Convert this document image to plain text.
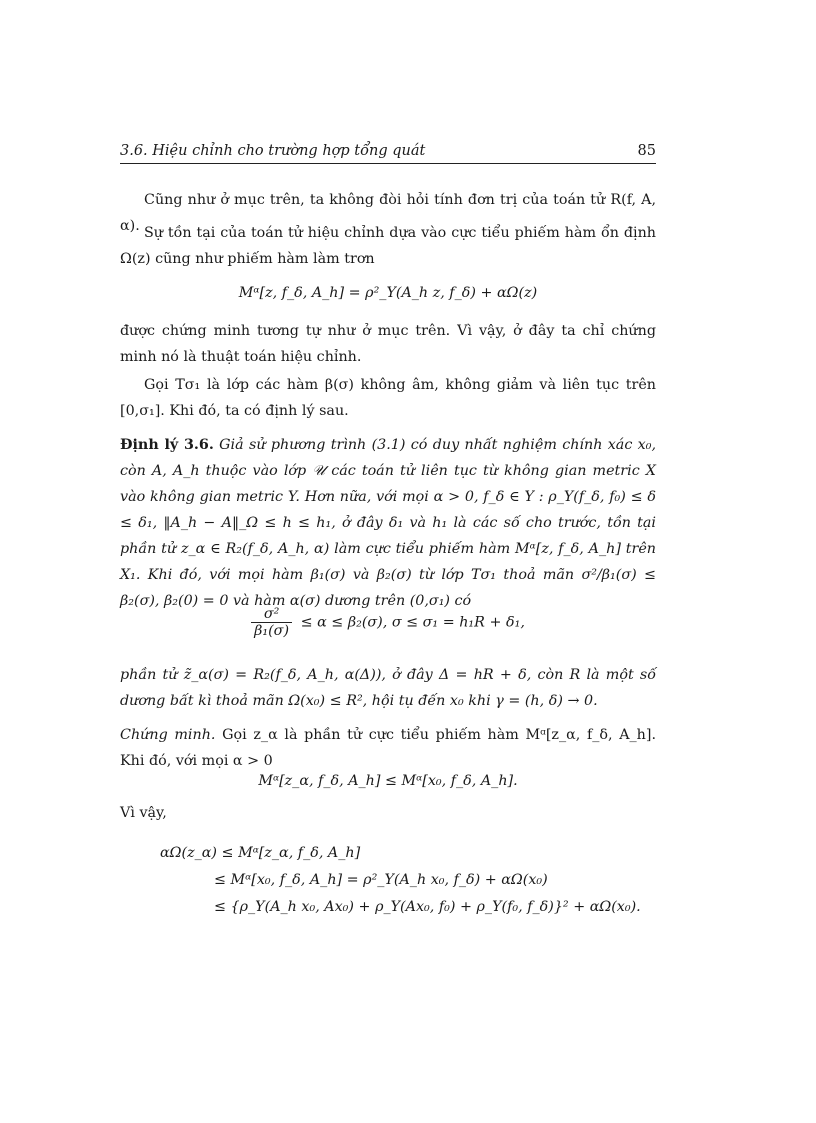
3.6. Hiệu chỉnh cho trường hợp tổng quát	85
Cũng như ở mục trên, ta không đòi hỏi tính đơn trị của toán tử R(f, A, α). Sự tồn tại của toán tử hiệu chỉnh dựa vào cực tiểu phiếm hàm ổn định Ω(z) cũng như phiếm hàm làm trơn
Mᵅ[z, f_δ, A_h] = ρ²_Y(A_h z, f_δ) + αΩ(z)
được chứng minh tương tự như ở mục trên. Vì vậy, ở đây ta chỉ chứng minh nó là thuật toán hiệu chỉnh.
Gọi Tσ₁ là lớp các hàm β(σ) không âm, không giảm và liên tục trên [0,σ₁]. Khi đó, ta có định lý sau.
Định lý 3.6. Giả sử phương trình (3.1) có duy nhất nghiệm chính xác x₀, còn A, A_h thuộc vào lớp 𝒰 các toán tử liên tục từ không gian metric X vào không gian metric Y. Hơn nữa, với mọi α > 0, f_δ ∈ Y : ρ_Y(f_δ, f₀) ≤ δ ≤ δ₁, ‖A_h − A‖_Ω ≤ h ≤ h₁, ở đây δ₁ và h₁ là các số cho trước, tồn tại phần tử z_α ∈ R₂(f_δ, A_h, α) làm cực tiểu phiếm hàm Mᵅ[z, f_δ, A_h] trên X₁. Khi đó, với mọi hàm β₁(σ) và β₂(σ) từ lớp Tσ₁ thoả mãn σ²/β₁(σ) ≤ β₂(σ), β₂(0) = 0 và hàm α(σ) dương trên (0,σ₁) có
$\frac{\text{σ²}}{\text{β₁(σ)}} \le \alpha \le \beta_2(\sigma)$, σ ≤ σ₁ = h₁R + δ₁,
phần tử z̃_α(σ) = R₂(f_δ, A_h, α(Δ)), ở đây Δ = hR + δ, còn R là một số dương bất kì thoả mãn Ω(x₀) ≤ R², hội tụ đến x₀ khi γ = (h, δ) → 0.
Chứng minh. Gọi z_α là phần tử cực tiểu phiếm hàm Mᵅ[z_α, f_δ, A_h]. Khi đó, với mọi α > 0
Mᵅ[z_α, f_δ, A_h] ≤ Mᵅ[x₀, f_δ, A_h].
Vì vậy,
αΩ(z_α) ≤ Mᵅ[z_α, f_δ, A_h]
≤ Mᵅ[x₀, f_δ, A_h] = ρ²_Y(A_h x₀, f_δ) + αΩ(x₀)
≤ {ρ_Y(A_h x₀, Ax₀) + ρ_Y(Ax₀, f₀) + ρ_Y(f₀, f_δ)}² + αΩ(x₀).
